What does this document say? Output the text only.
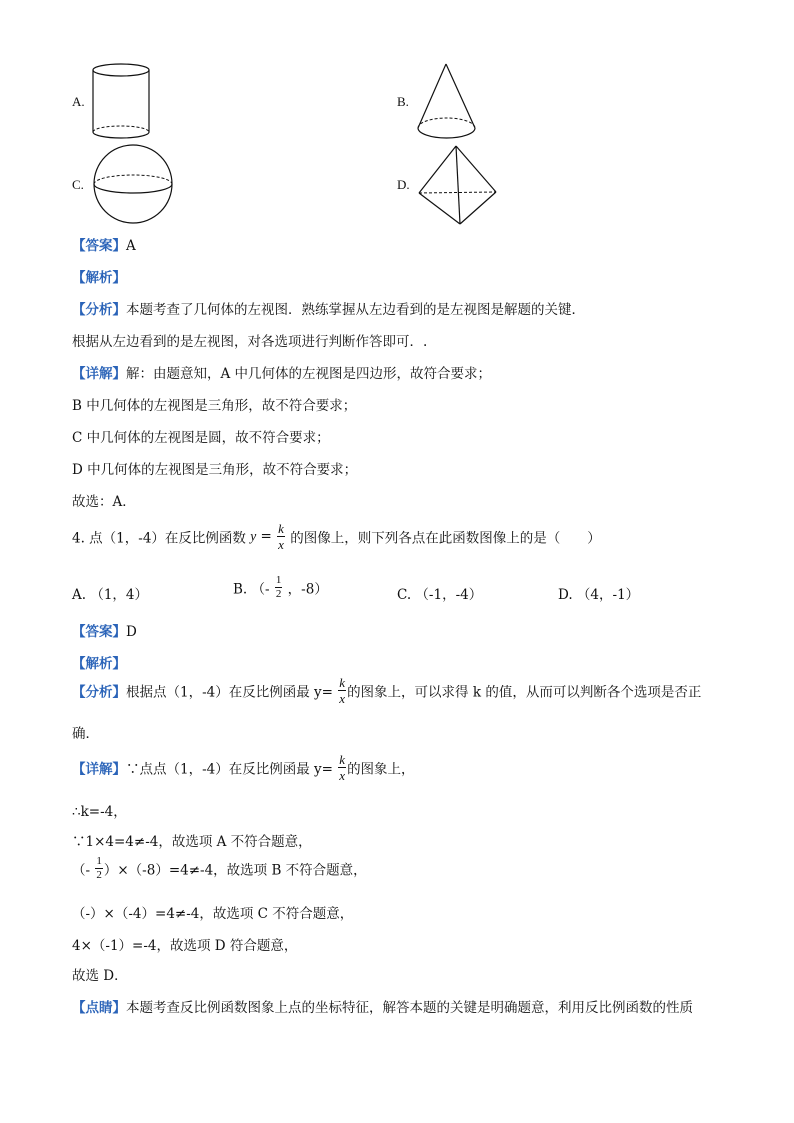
A.	B.
C.	D.
【答案】A
【解析】
【分析】本题考查了几何体的左视图．熟练掌握从左边看到的是左视图是解题的关键．
根据从左边看到的是左视图，对各选项进行判断作答即可．.
【详解】解：由题意知，A 中几何体的左视图是四边形，故符合要求；
B 中几何体的左视图是三角形，故不符合要求；
C 中几何体的左视图是圆，故不符合要求；
D 中几何体的左视图是三角形，故不符合要求；
故选：A．
4. 点（1，-4）在反比例函数 $y = \frac{k}{x}$ 的图像上，则下列各点在此函数图像上的是（　　）
A. （1，4）	B. （- $\frac{1}{2}$ ，-8）	C. （-1，-4）	D. （4，-1）
【答案】D
【解析】
【分析】根据点（1，-4）在反比例函最 $y= \frac{k}{x}$ 的图象上，可以求得 k 的值，从而可以判断各个选项是否正
确．
【详解】∵点点（1，-4）在反比例函最 $y= \frac{k}{x}$ 的图象上，
∴k=-4，
∵1×4=4≠-4，故选项 A 不符合题意，
（- $\frac{1}{2} )\times(-8)=4\ne-4$，故选项 B 不符合题意，
（-）×（-4）=4≠-4，故选项 C 不符合题意，
4×（-1）=-4，故选项 D 符合题意，
故选 D．
【点睛】本题考查反比例函数图象上点的坐标特征，解答本题的关键是明确题意，利用反比例函数的性质
